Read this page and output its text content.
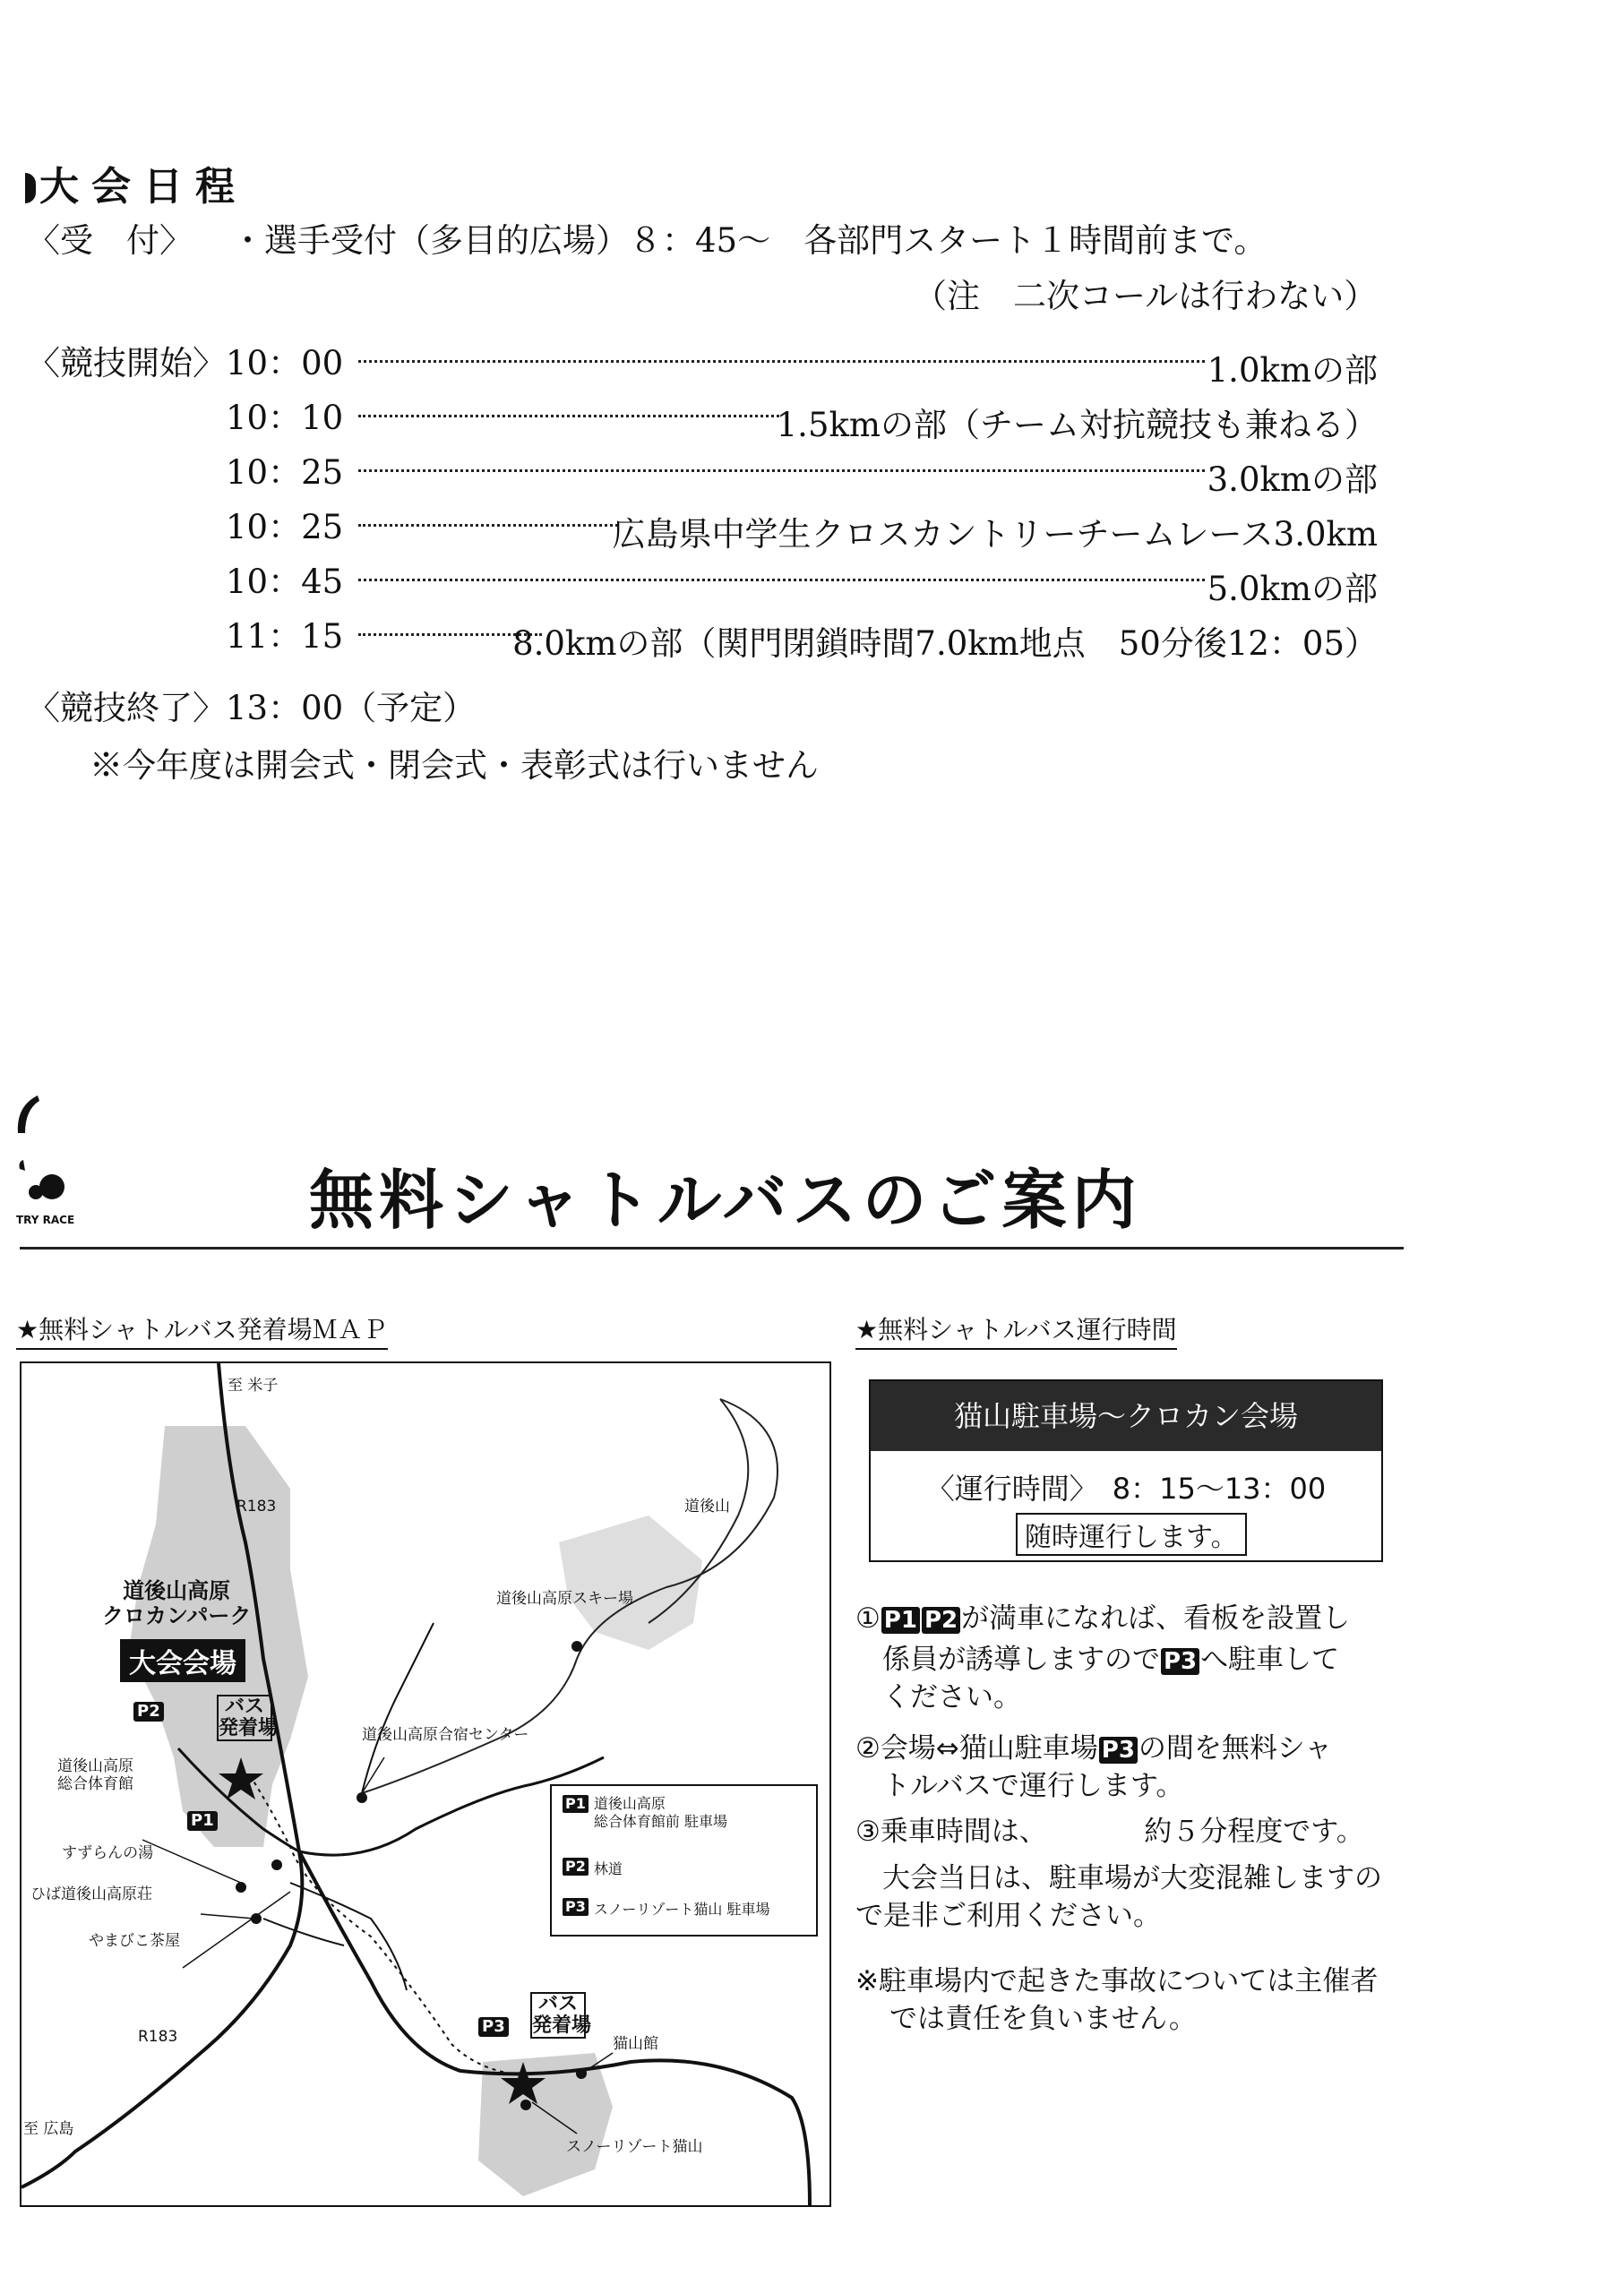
大会日程
〈受　付〉 ・選手受付（多目的広場）８：45〜　各部門スタート１時間前まで。
（注　二次コールは行わない）
〈競技開始〉 10：00	1.0kmの部
10：10	1.5kmの部（チーム対抗競技も兼ねる）
10：25	3.0kmの部
10：25	広島県中学生クロスカントリーチームレース3.0km
10：45	5.0kmの部
11：15	8.0kmの部（関門閉鎖時間7.0km地点　50分後12：05）
〈競技終了〉 13：00（予定）
※今年度は開会式・閉会式・表彰式は行いません
TRY RACE	無料シャトルバスのご案内
★無料シャトルバス発着場ＭＡＰ	★無料シャトルバス運行時間
猫山駐車場〜クロカン会場
〈運行時間〉　8：15〜13：00
随時運行します。
① P1 P2 が満車になれば、看板を設置し
係員が誘導しますので P3 へ駐車して
ください。
②会場⇔猫山駐車場 P3 の間を無料シャ
トルバスで運行します。
③乗車時間は、　　　　約５分程度です。
大会当日は、駐車場が大変混雑しますの
で是非ご利用ください。
※駐車場内で起きた事故については主催者
では責任を負いません。
至 米子
R183
R183
至 広島
道後山
道後山高原スキー場
道後山高原合宿センター
道後山高原
クロカンパーク
大会会場
P2	バス
発着場
道後山高原
総合体育館
P1
すずらんの湯
ひば道後山高原荘
やまびこ茶屋
P3
バス
発着場
猫山館
スノーリゾート猫山
P1 道後山高原
総合体育館前 駐車場
P2 林道
P3 スノーリゾート猫山 駐車場
